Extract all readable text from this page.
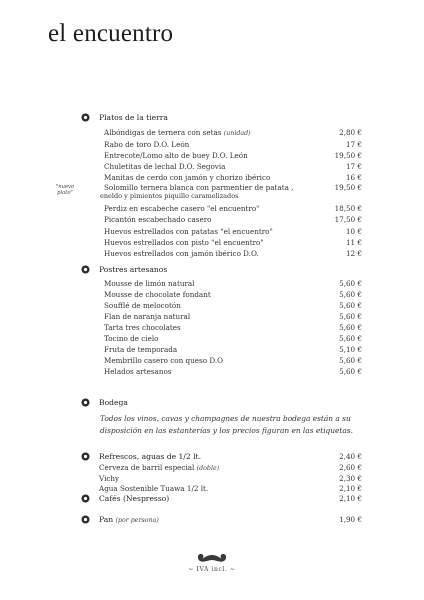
el encuentro
Platos de la tierra
"nuevo plato"
Albóndigas de ternera con setas (unidad)	2,80 €
Rabo de toro D.O. León	17 €
Entrecote/Lomo alto de buey D.O. León	19,50 €
Chuletitas de lechal D.O. Segovia	17 €
Manitas de cerdo con jamón y chorizo ibérico	16 €
Solomillo ternera blanca con parmentier de patata ,	19,50 €
eneldo y pimientos piquillo caramelizados
Perdiz en escabeche casero "el encuentro"	18,50 €
Picantón escabechado casero	17,50 €
Huevos estrellados con patatas "el encuentro"	10 €
Huevos estrellados con pisto "el encuentro"	11 €
Huevos estrellados con jamón ibérico D.O.	12 €
Postres artesanos
Mousse de limón natural	5,60 €
Mousse de chocolate fondant	5,60 €
Soufflé de melocotón	5,60 €
Flan de naranja natural	5,60 €
Tarta tres chocolates	5,60 €
Tocino de cielo	5,60 €
Fruta de temporada	5,10 €
Membrillo casero con queso D.O	5,60 €
Helados artesanos	5,60 €
Bodega
Todos los vinos, cavas y champagnes de nuestra bodega están a su disposición en las estanterías y los precios figuran en las etiquetas.
Refrescos, aguas de 1/2 lt.	2,40 €
Cerveza de barril especial (doble)	2,60 €
Vichy	2,30 €
Agua Sostenible Tuawa 1/2 lt.	2,10 €
Cafés (Nespresso)	2,10 €
Pan (por persona)	1,90 €
~ IVA incl. ~
